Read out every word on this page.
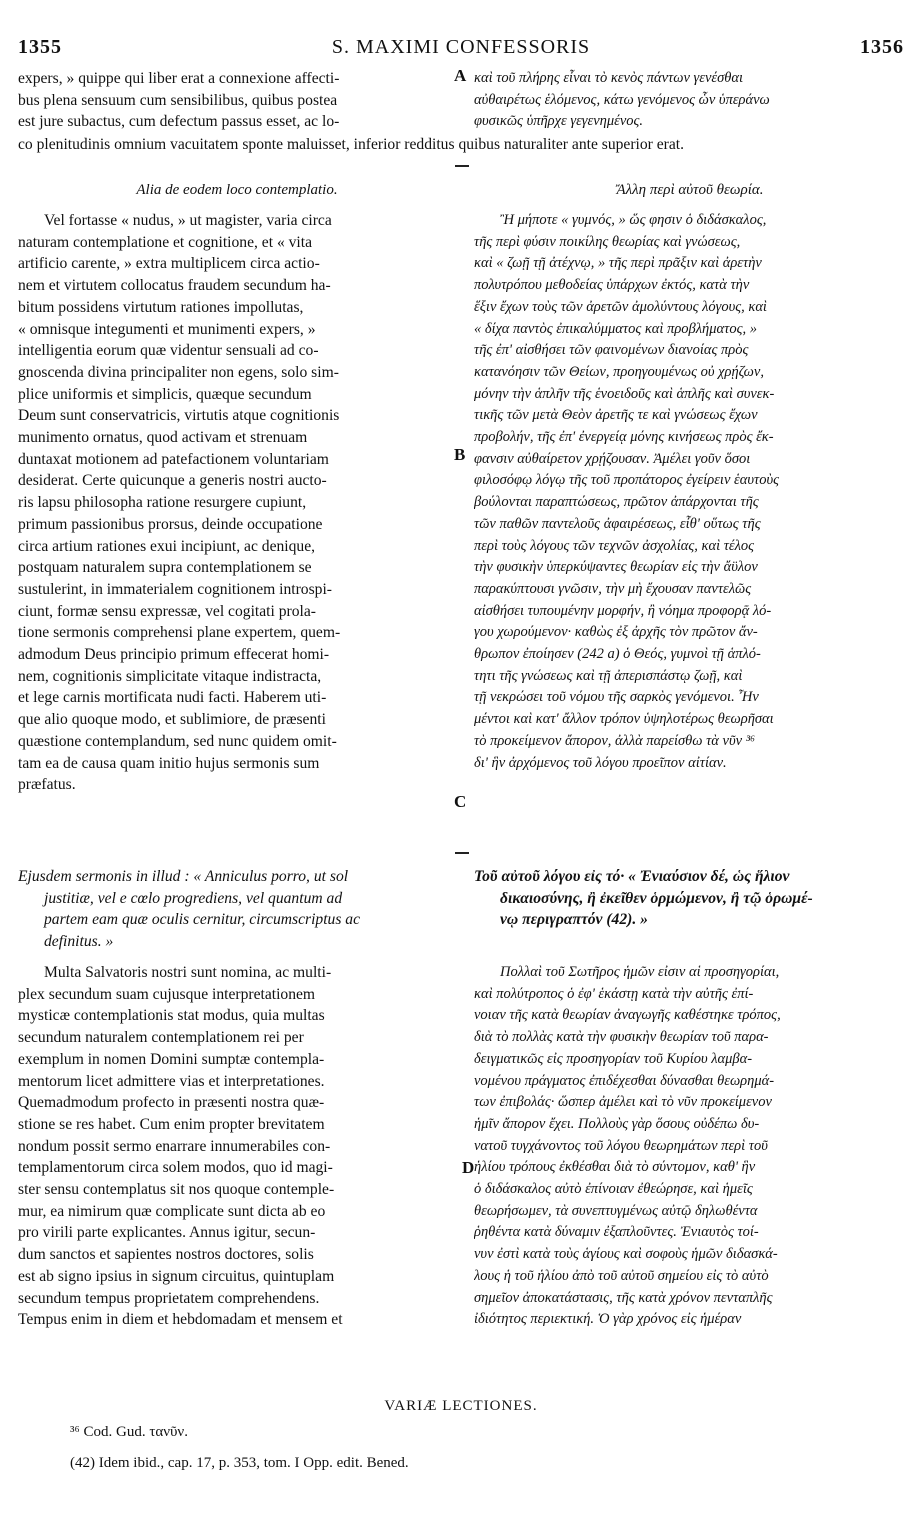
1355	S. MAXIMI CONFESSORIS	1356
expers, » quippe qui liber erat a connexione affecti-
bus plena sensuum cum sensibilibus, quibus postea
est jure subactus, cum defectum passus esset, ac lo-
A καὶ τοῦ πλήρης εἶναι τὸ κενὸς πάντων γενέσθαι
αὐθαιρέτως ἑλόμενος, κάτω γενόμενος ὧν ὑπεράνω
φυσικῶς ὑπῆρχε γεγενημένος.
co plenitudinis omnium vacuitatem sponte maluisset, inferior redditus quibus naturaliter ante superior erat.
Alia de eodem loco contemplatio.	Ἄλλη περὶ αὐτοῦ θεωρία.
Vel fortasse « nudus, » ut magister, varia circa
naturam contemplatione et cognitione, et « vita
artificio carente, » extra multiplicem circa actio-
nem et virtutem collocatus fraudem secundum ha-
bitum possidens virtutum rationes impollutas,
« omnisque integumenti et munimenti expers, »
intelligentia eorum quæ videntur sensuali ad co-
gnoscenda divina principaliter non egens, solo sim-
plice uniformis et simplicis, quæque secundum
Deum sunt conservatricis, virtutis atque cognitionis
munimento ornatus, quod activam et strenuam
duntaxat motionem ad patefactionem voluntariam
desiderat. Certe quicunque a generis nostri aucto-
ris lapsu philosopha ratione resurgere cupiunt,
primum passionibus prorsus, deinde occupatione
circa artium rationes exui incipiunt, ac denique,
postquam naturalem supra contemplationem se
sustulerint, in immaterialem cognitionem introspi-
ciunt, formæ sensu expressæ, vel cogitati prola-
tione sermonis comprehensi plane expertem, quem-
admodum Deus principio primum effecerat homi-
nem, cognitionis simplicitate vitaque indistracta,
et lege carnis mortificata nudi facti. Haberem uti-
que alio quoque modo, et sublimiore, de præsenti
quæstione contemplandum, sed nunc quidem omit-
tam ea de causa quam initio hujus sermonis sum
præfatus.
B
C
Ἢ μήποτε « γυμνός, » ὥς φησιν ὁ διδάσκαλος,
τῆς περὶ φύσιν ποικίλης θεωρίας καὶ γνώσεως,
καὶ « ζωῇ τῇ ἀτέχνῳ, » τῆς περὶ πρᾶξιν καὶ ἀρετὴν
πολυτρόπου μεθοδείας ὑπάρχων ἐκτός, κατὰ τὴν
ἕξιν ἔχων τοὺς τῶν ἀρετῶν ἀμολύντους λόγους, καὶ
« δίχα παντὸς ἐπικαλύμματος καὶ προβλήματος, »
τῆς ἐπ' αἰσθήσει τῶν φαινομένων διανοίας πρὸς
κατανόησιν τῶν Θείων, προηγουμένως οὐ χρῄζων,
μόνην τὴν ἁπλῆν τῆς ἑνοειδοῦς καὶ ἁπλῆς καὶ συνεκ-
τικῆς τῶν μετὰ Θεὸν ἀρετῆς τε καὶ γνώσεως ἔχων
προβολήν, τῆς ἐπ' ἐνεργείᾳ μόνης κινήσεως πρὸς ἔκ-
φανσιν αὐθαίρετον χρῄζουσαν. Ἀμέλει γοῦν ὅσοι
φιλοσόφῳ λόγῳ τῆς τοῦ προπάτορος ἐγείρειν ἑαυτοὺς
βούλονται παραπτώσεως, πρῶτον ἀπάρχονται τῆς
τῶν παθῶν παντελοῦς ἀφαιρέσεως, εἶθ' οὕτως τῆς
περὶ τοὺς λόγους τῶν τεχνῶν ἀσχολίας, καὶ τέλος
τὴν φυσικὴν ὑπερκύψαντες θεωρίαν εἰς τὴν ἄϋλον
παρακύπτουσι γνῶσιν, τὴν μὴ ἔχουσαν παντελῶς
αἰσθήσει τυπουμένην μορφήν, ἢ νόημα προφορᾷ λό-
γου χωρούμενον· καθὼς ἐξ ἀρχῆς τὸν πρῶτον ἄν-
θρωπον ἐποίησεν (242 a) ὁ Θεός, γυμνοὶ τῇ ἁπλό-
τητι τῆς γνώσεως καὶ τῇ ἀπερισπάστῳ ζωῇ, καὶ
τῇ νεκρώσει τοῦ νόμου τῆς σαρκὸς γενόμενοι. Ἦν
μέντοι καὶ κατ' ἄλλον τρόπον ὑψηλοτέρως θεωρῆσαι
τὸ προκείμενον ἄπορον, ἀλλὰ παρείσθω τὰ νῦν ³⁶
δι' ἣν ἀρχόμενος τοῦ λόγου προεῖπον αἰτίαν.
Ejusdem sermonis in illud : « Anniculus porro, ut sol
justitiæ, vel e cœlo progrediens, vel quantum ad
partem eam quæ oculis cernitur, circumscriptus ac
definitus. »
Τοῦ αὐτοῦ λόγου εἰς τό· « Ἐνιαύσιον δέ, ὡς ἥλιον
δικαιοσύνης, ἢ ἐκεῖθεν ὁρμώμενον, ἢ τῷ ὁρωμέ-
νῳ περιγραπτόν (42). »
Multa Salvatoris nostri sunt nomina, ac multi-
plex secundum suam cujusque interpretationem
mysticæ contemplationis stat modus, quia multas
secundum naturalem contemplationem rei per
exemplum in nomen Domini sumptæ contempla-
mentorum licet admittere vias et interpretationes.
Quemadmodum profecto in præsenti nostra quæ-
stione se res habet. Cum enim propter brevitatem
nondum possit sermo enarrare innumerabiles con-
templamentorum circa solem modos, quo id magi-
ster sensu contemplatus sit nos quoque contemple-
mur, ea nimirum quæ complicate sunt dicta ab eo
pro virili parte explicantes. Annus igitur, secun-
dum sanctos et sapientes nostros doctores, solis
est ab signo ipsius in signum circuitus, quintuplam
secundum tempus proprietatem comprehendens.
Tempus enim in diem et hebdomadam et mensem et
D
Πολλαὶ τοῦ Σωτῆρος ἡμῶν εἰσιν αἱ προσηγορίαι,
καὶ πολύτροπος ὁ ἐφ' ἑκάστῃ κατὰ τὴν αὐτῆς ἐπί-
νοιαν τῆς κατὰ θεωρίαν ἀναγωγῆς καθέστηκε τρόπος,
διὰ τὸ πολλὰς κατὰ τὴν φυσικὴν θεωρίαν τοῦ παρα-
δειγματικῶς εἰς προσηγορίαν τοῦ Κυρίου λαμβα-
νομένου πράγματος ἐπιδέχεσθαι δύνασθαι θεωρημά-
των ἐπιβολάς· ὥσπερ ἀμέλει καὶ τὸ νῦν προκείμενον
ἡμῖν ἄπορον ἔχει. Πολλοὺς γὰρ ὅσους οὐδέπω δυ-
νατοῦ τυγχάνοντος τοῦ λόγου θεωρημάτων περὶ τοῦ
ἡλίου τρόπους ἐκθέσθαι διὰ τὸ σύντομον, καθ' ἣν
ὁ διδάσκαλος αὐτὸ ἐπίνοιαν ἐθεώρησε, καὶ ἡμεῖς
θεωρήσωμεν, τὰ συνεπτυγμένως αὐτῷ δηλωθέντα
ῥηθέντα κατὰ δύναμιν ἐξαπλοῦντες. Ἐνιαυτὸς τοί-
νυν ἐστὶ κατὰ τοὺς ἁγίους καὶ σοφοὺς ἡμῶν διδασκά-
λους ἡ τοῦ ἡλίου ἀπὸ τοῦ αὐτοῦ σημείου εἰς τὸ αὐτὸ
σημεῖον ἀποκατάστασις, τῆς κατὰ χρόνον πενταπλῆς
ἰδιότητος περιεκτική. Ὁ γὰρ χρόνος εἰς ἡμέραν
VARIÆ LECTIONES.
³⁶ Cod. Gud. τανῦν.
(42) Idem ibid., cap. 17, p. 353, tom. I Opp. edit. Bened.
